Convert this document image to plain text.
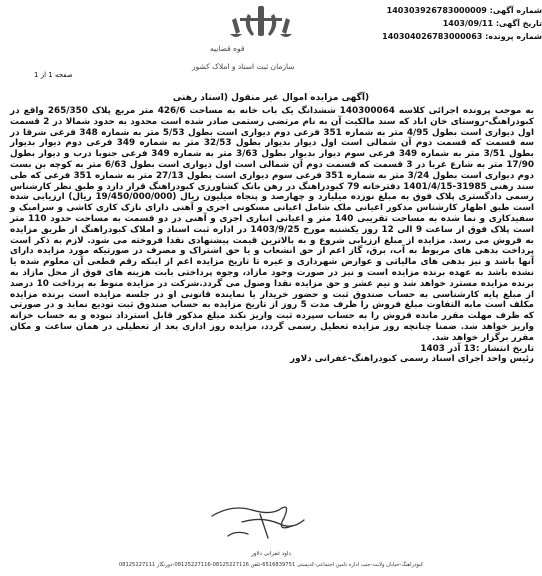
شماره آگهی: 140303926783000009
تاریخ آگهی: 1403/09/11
شماره پرونده: 140304026783000063
قوه قضاییه
سازمان ثبت اسناد و املاک کشور
صفحه 1 از 1
(آگهی مزایده اموال غیر منقول (اسناد رهنی
به موجب پرونده اجرائی کلاسه 140300064 ششدانگ یک باب خانه به مساحت 426/6 متر مربع پلاک 265/350 واقع در کبودراهنگ-روستای خان اباد که سند مالکیت آن به نام مرتضی رستمی صادر شده است محدود به حدود شمالا در 2 قسمت اول دیواری است بطول 4/95 متر به شماره 351 فرعی دوم دیواری است بطول 5/53 متر به شماره 348 فرعی شرقا در سه قسمت که قسمت دوم آن شمالی است اول دیوار بدیوار بطول 32/53 متر به شماره 349 فرعی دوم دیوار بدیوار بطول 3/51 متر به شماره 349 فرعی سوم دیوار بدیوار بطول 3/63 متر به شماره 349 فرعی جنوبا درب و دیوار بطول 17/90 متر به شارع غربا در 3 قسمت که قسمت دوم آن شمالی است اول دیواری است بطول 6/63 متر به کوچه بن بست دوم دیواری است بطول 3/24 متر به شماره 351 فرعی سوم دیواری است بطول 27/13 متر به شماره 351 فرعی که طی سند رهنی 31985-1401/4/15 دفترخانه 79 کبودراهنگ در رهن بانک کشاورزی کبودراهنگ قرار دارد و طبق نظر کارشناس رسمی دادگستری پلاک فوق به مبلغ نوزده میلیارد و چهارصد و پنجاه میلیون ریال (19/450/000/000 ریال) ارزیابی شده است طبق اظهار کارشناس مذکور اعیانی ملک شامل اعیانی مسکونی اجری و آهنی دارای نازک کاری کاشی و سرامیک و سفیدکاری و نما شده به مساحت تقریبی 140 متر و اعیانی انباری اجری و آهنی در دو قسمت به مساحت حدود 110 متر است پلاک فوق از ساعت 9 الی 12 روز یکشنبه مورخ 1403/9/25 در اداره ثبت اسناد و املاک کبودراهنگ از طریق مزایده به فروش می رسد. مزایده از مبلغ ارزیابی شروع و به بالاترین قیمت پیشنهادی نقدا فروخته می شود. لازم به ذکر است پرداخت بدهی های مربوط به آب، برق، گاز اعم از حق انشعاب و یا حق اشتراک و مصرف در صورتیکه مورد مزایده دارای آنها باشد و نیز بدهی های مالیاتی و عوارض شهرداری و غیره تا تاریخ مزایده اعم از اینکه رقم قطعی آن معلوم شده یا نشده باشد به عهده برنده مزایده است و نیز در صورت وجود مازاد، وجوه پرداختی بابت هزینه های فوق از محل مازاد به برنده مزایده مسترد خواهد شد و نیم عشر و حق مزایده نقدا وصول می گردد.شرکت در مزایده منوط به پرداخت 10 درصد از مبلغ پایه کارشناسی به حساب صندوق ثبت و حضور خریدار یا نماینده قانونی او در جلسه مزایده است برنده مزایده مکلف است مابه التفاوت مبلغ فروش را ظرف مدت 5 روز از تاریخ مزایده به حساب صندوق ثبت تودیع نماید و در صورتی که ظرف مهلت مقرر مانده فروش را به حساب سپرده ثبت واریز نکند مبلغ مذکور قابل استرداد نبوده و به حساب خزانه واریز خواهد شد. ضمنا چنانچه روز مزایده تعطیل رسمی گردد، مزایده روز اداری بعد از تعطیلی در همان ساعت و مکان مقرر برگزار خواهد شد.
تاریخ انتشار :13 آذر 1403
رئیس واحد اجرای اسناد رسمی کبودراهنگ-غفرانی دلاور
داود غفرانی دلاور
کبودراهنگ-خیابان ولایت-جنب اداره تامین اجتماعی-کدپستی 6516839751-تلفن 08125227116-08125227116-دورنگار 08125227111
